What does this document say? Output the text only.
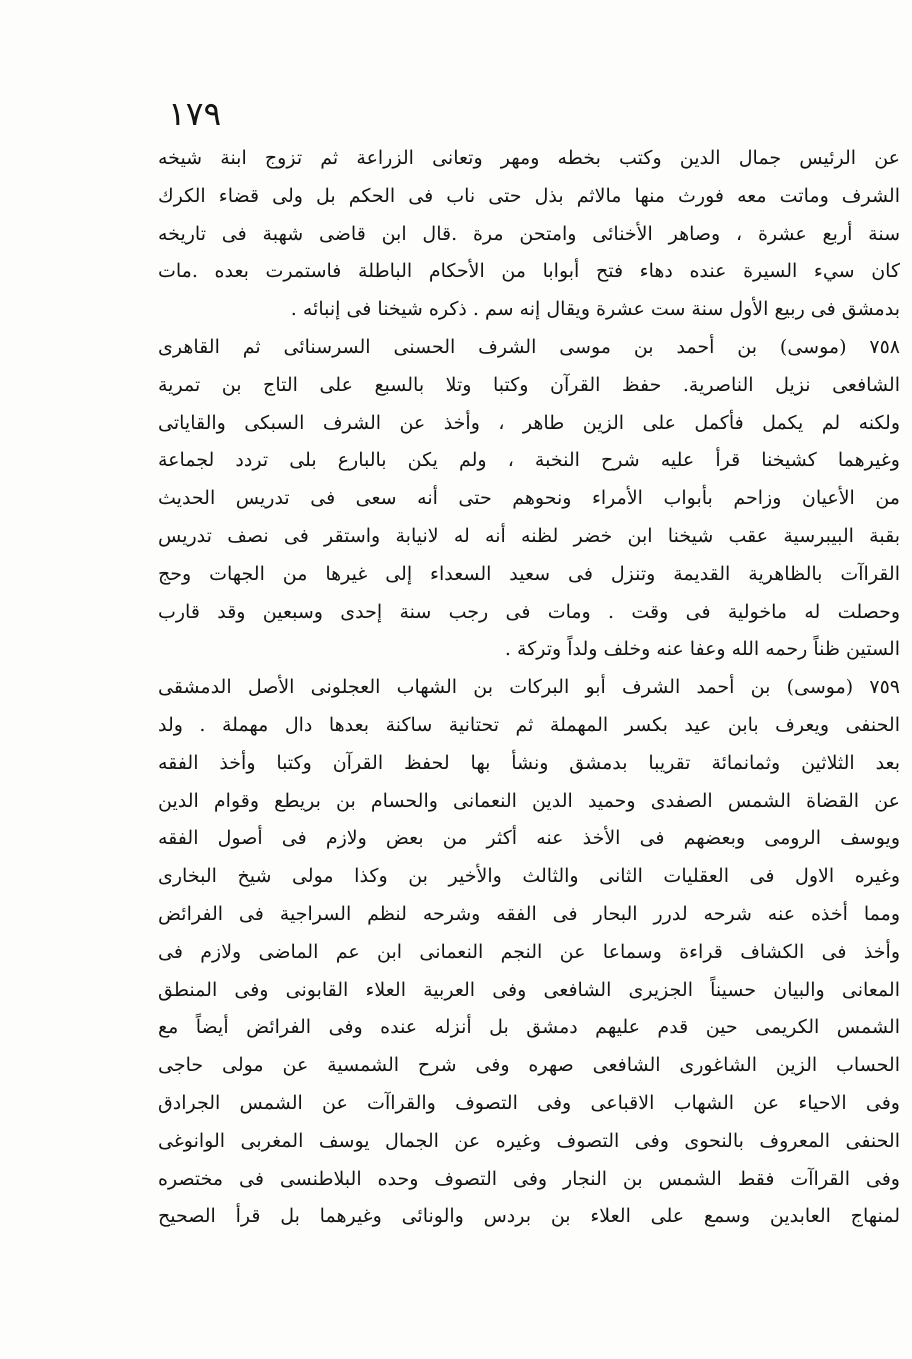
١٧٩
عن الرئيس جمال الدين وكتب بخطه ومهر وتعانى الزراعة ثم تزوج ابنة شيخه
الشرف وماتت معه فورث منها مالاثم بذل حتى ناب فى الحكم بل ولى قضاء الكرك
سنة أربع عشرة ، وصاهر الأخنائى وامتحن مرة .قال ابن قاضى شهبة فى تاريخه
كان سيء السيرة عنده دهاء فتح أبوابا من الأحكام الباطلة فاستمرت بعده .مات
بدمشق فى ربيع الأول سنة ست عشرة ويقال إنه سم . ذكره شيخنا فى إنبائه .
٧٥٨ (موسى) بن أحمد بن موسى الشرف الحسنى السرسنائى ثم القاهرى
الشافعى نزيل الناصرية. حفظ القرآن وكتبا وتلا بالسبع على التاج بن تمرية
ولكنه لم يكمل فأكمل على الزين طاهر ، وأخذ عن الشرف السبكى والقاياتى
وغيرهما كشيخنا قرأ عليه شرح النخبة ، ولم يكن بالبارع بلى تردد لجماعة
من الأعيان وزاحم بأبواب الأمراء ونحوهم حتى أنه سعى فى تدريس الحديث
بقبة البيبرسية عقب شيخنا ابن خضر لظنه أنه له لانيابة واستقر فى نصف تدريس
القراآت بالظاهرية القديمة وتنزل فى سعيد السعداء إلى غيرها من الجهات وحج
وحصلت له ماخولية فى وقت . ومات فى رجب سنة إحدى وسبعين وقد قارب
الستين ظناً رحمه الله وعفا عنه وخلف ولداً وتركة .
٧٥٩ (موسى) بن أحمد الشرف أبو البركات بن الشهاب العجلونى الأصل الدمشقى
الحنفى ويعرف بابن عيد بكسر المهملة ثم تحتانية ساكنة بعدها دال مهملة . ولد
بعد الثلاثين وثمانمائة تقريبا بدمشق ونشأ بها لحفظ القرآن وكتبا وأخذ الفقه
عن القضاة الشمس الصفدى وحميد الدين النعمانى والحسام بن بريطع وقوام الدين
ويوسف الرومى وبعضهم فى الأخذ عنه أكثر من بعض ولازم فى أصول الفقه
وغيره الاول فى العقليات الثانى والثالث والأخير بن وكذا مولى شيخ البخارى
ومما أخذه عنه شرحه لدرر البحار فى الفقه وشرحه لنظم السراجية فى الفرائض
وأخذ فى الكشاف قراءة وسماعا عن النجم النعمانى ابن عم الماضى ولازم فى
المعانى والبيان حسيناً الجزيرى الشافعى وفى العربية العلاء القابونى وفى المنطق
الشمس الكريمى حين قدم عليهم دمشق بل أنزله عنده وفى الفرائض أيضاً مع
الحساب الزين الشاغورى الشافعى صهره وفى شرح الشمسية عن مولى حاجى
وفى الاحياء عن الشهاب الاقباعى وفى التصوف والقراآت عن الشمس الجرادق
الحنفى المعروف بالنحوى وفى التصوف وغيره عن الجمال يوسف المغربى الوانوغى
وفى القراآت فقط الشمس بن النجار وفى التصوف وحده البلاطنسى فى مختصره
لمنهاج العابدين وسمع على العلاء بن بردس والونائى وغيرهما بل قرأ الصحيح
